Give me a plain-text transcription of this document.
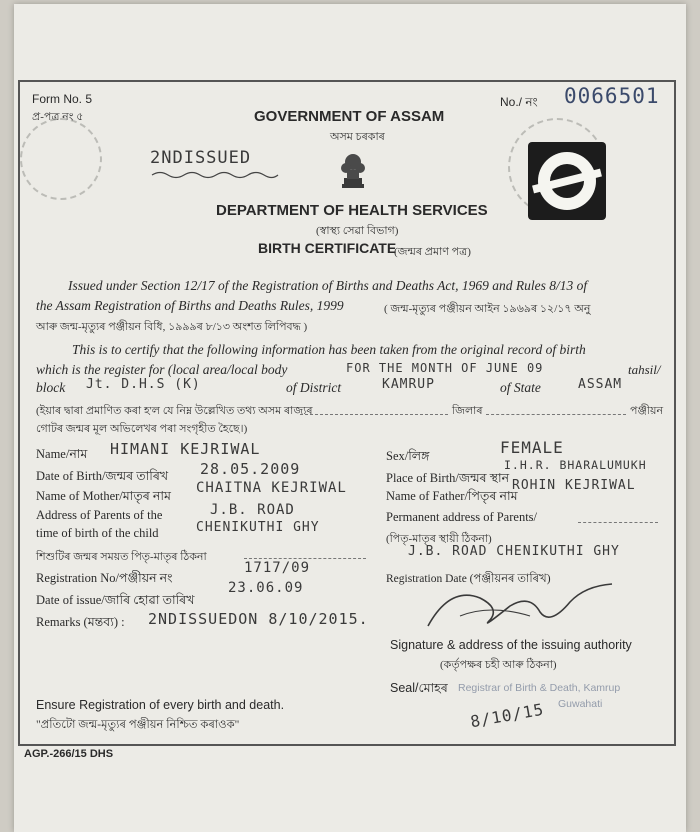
Form No. 5
প্ৰ-পত্ৰ নং ৫
No./ নং 0066501
GOVERNMENT OF ASSAM
অসম চৰকাৰ
2NDISSUED
DEPARTMENT OF HEALTH SERVICES
(স্বাস্থ্য সেৱা বিভাগ)
BIRTH CERTIFICATE
(জন্মৰ প্ৰমাণ পত্ৰ)
Issued under Section 12/17 of the Registration of Births and Deaths Act, 1969 and Rules 8/13 of
the Assam Registration of Births and Deaths Rules, 1999	( জন্ম-মৃত্যুৰ পঞ্জীয়ন আইন ১৯৬৯ৰ ১২/১৭ অনু
আৰু জন্ম-মৃত্যুৰ পঞ্জীয়ন বিধি, ১৯৯৯ৰ ৮/১৩ অংশত লিপিবদ্ধ )
This is to certify that the following information has been taken from the original record of birth
which is the register for (local area/local body	FOR THE MONTH OF JUNE 09	tahsil/
block Jt. D.H.S (K)	of District	KAMRUP	of State	ASSAM
(ইয়াৰ দ্বাৰা প্ৰমাণিত কৰা হ'ল যে নিম্ন উল্লেখিত তথ্য অসম ৰাজ্যৰ	জিলাৰ	পঞ্জীয়ন
গোটৰ জন্মৰ মূল অভিলেখৰ পৰা সংগৃহীত হৈছে।)
Name/নাম HIMANI KEJRIWAL
Date of Birth/জন্মৰ তাৰিখ 28.05.2009
Name of Mother/মাতৃৰ নাম CHAITNA KEJRIWAL
Address of Parents of the
time of birth of the child
J.B. ROAD
CHENIKUTHI GHY
শিশুটিৰ জন্মৰ সময়ত পিতৃ-মাতৃৰ ঠিকনা
Registration No/পঞ্জীয়ন নং
1717/09
Date of issue/জাৰি হোৱা তাৰিখ
23.06.09
Remarks (মন্তব্য) : 2NDISSUEDON 8/10/2015.
Sex/লিঙ্গ	FEMALE
Place of Birth/জন্মৰ স্থান
I.H.R. BHARALUMUKH
Name of Father/পিতৃৰ নাম
ROHIN KEJRIWAL
Permanent address of Parents/
(পিতৃ-মাতৃৰ স্থায়ী ঠিকনা)
J.B. ROAD CHENIKUTHI GHY
Registration Date (পঞ্জীয়নৰ তাৰিখ)
Signature & address of the issuing authority
(কৰ্তৃপক্ষৰ চহী আৰু ঠিকনা)
Seal/মোহৰ Registrar of Birth & Death, Kamrup
Guwahati
8/10/15
Ensure Registration of every birth and death.
"প্ৰতিটো জন্ম-মৃত্যুৰ পঞ্জীয়ন নিশ্চিত কৰাওক"
AGP.-266/15 DHS
